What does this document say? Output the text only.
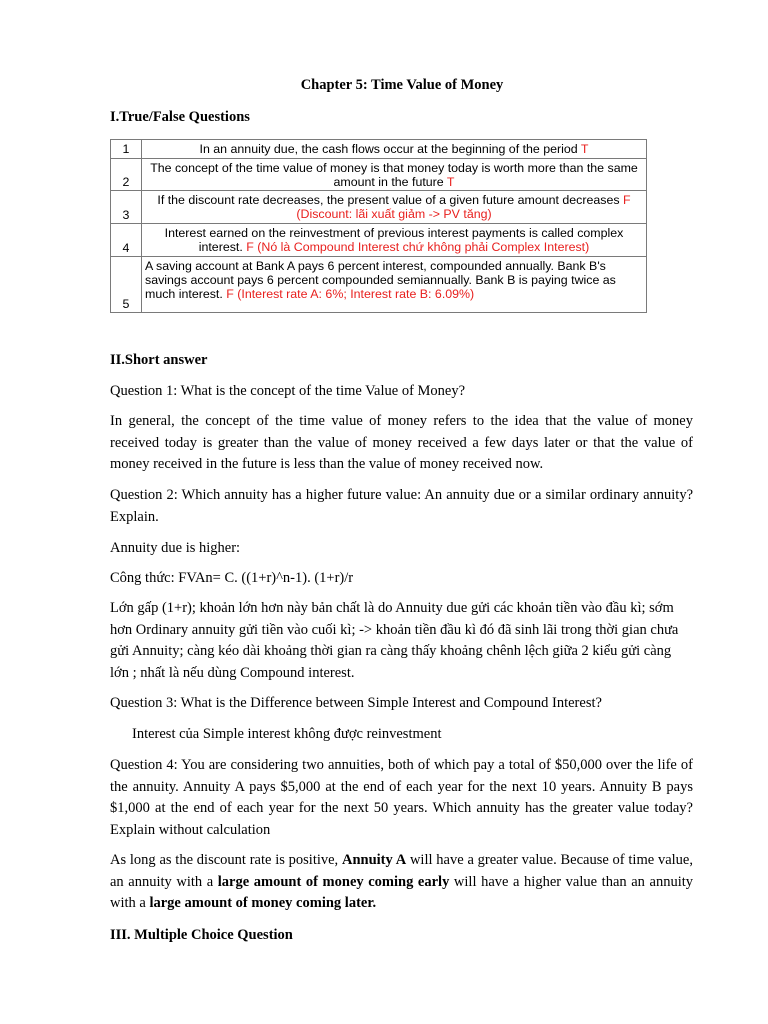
Chapter 5: Time Value of Money
I.True/False Questions
1	In an annuity due, the cash flows occur at the beginning of the period T
2	The concept of the time value of money is that money today is worth more than the same amount in the future T
3	If the discount rate decreases, the present value of a given future amount decreases F (Discount: lãi xuất giảm -> PV tăng)
4	Interest earned on the reinvestment of previous interest payments is called complex interest. F (Nó là Compound Interest chứ không phải Complex Interest)
5	A saving account at Bank A pays 6 percent interest, compounded annually. Bank B's savings account pays 6 percent compounded semiannually. Bank B is paying twice as much interest. F (Interest rate A: 6%; Interest rate B: 6.09%)
II.Short answer

Question 1: What is the concept of the time Value of Money?

In general, the concept of the time value of money refers to the idea that the value of money received today is greater than the value of money received a few days later or that the value of money received in the future is less than the value of money received now.

Question 2: Which annuity has a higher future value: An annuity due or a similar ordinary annuity? Explain.

Annuity due is higher:

Công thức: FVAn= C. ((1+r)^n-1). (1+r)/r

Lớn gấp (1+r); khoản lớn hơn này bản chất là do Annuity due gửi các khoản tiền vào đầu kì; sớm hơn Ordinary annuity gửi tiền vào cuối kì; -> khoản tiền đầu kì đó đã sinh lãi trong thời gian chưa gửi Annuity; càng kéo dài khoảng thời gian ra càng thấy khoảng chênh lệch giữa 2 kiểu gửi càng lớn ; nhất là nếu dùng Compound interest.

Question 3: What is the Difference between Simple Interest and Compound Interest?

Interest của Simple interest không được reinvestment

Question 4: You are considering two annuities, both of which pay a total of $50,000 over the life of the annuity. Annuity A pays $5,000 at the end of each year for the next 10 years. Annuity B pays $1,000 at the end of each year for the next 50 years. Which annuity has the greater value today? Explain without calculation

As long as the discount rate is positive, Annuity A will have a greater value. Because of time value, an annuity with a large amount of money coming early will have a higher value than an annuity with a large amount of money coming later.

III. Multiple Choice Question
